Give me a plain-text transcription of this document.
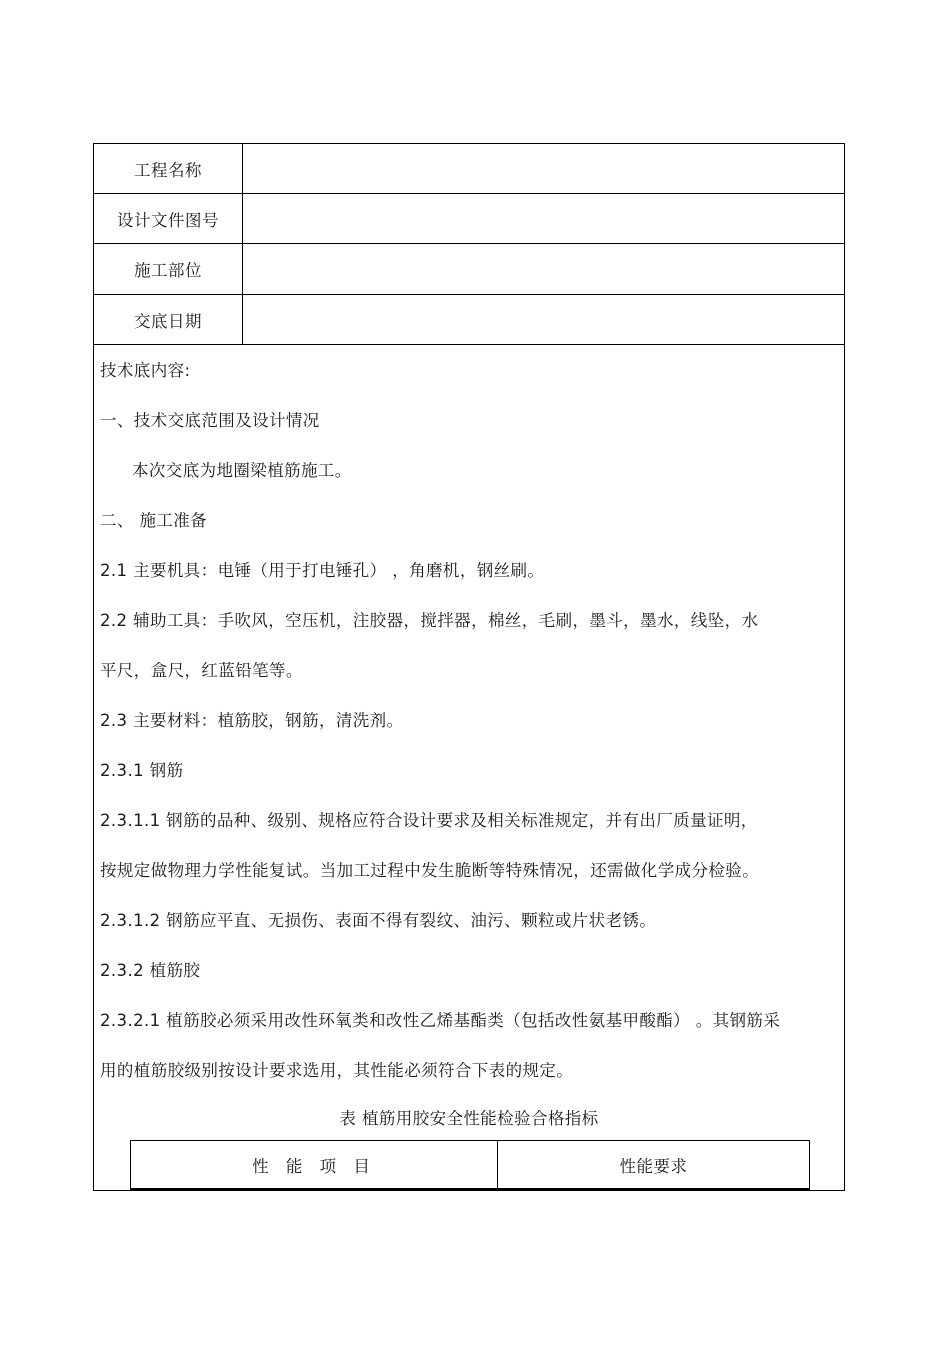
工程名称
设计文件图号
施工部位
交底日期
技术底内容:
一、技术交底范围及设计情况
本次交底为地圈梁植筋施工。
二、 施工准备
2.1 主要机具：电锤（用于打电锤孔） ，角磨机，钢丝刷。
2.2 辅助工具：手吹风，空压机，注胶器，搅拌器，棉丝，毛刷，墨斗，墨水，线坠，水
平尺，盒尺，红蓝铅笔等。
2.3 主要材料：植筋胶，钢筋，清洗剂。
2.3.1 钢筋
2.3.1.1 钢筋的品种、级别、规格应符合设计要求及相关标准规定，并有出厂质量证明，
按规定做物理力学性能复试。当加工过程中发生脆断等特殊情况，还需做化学成分检验。
2.3.1.2 钢筋应平直、无损伤、表面不得有裂纹、油污、颗粒或片状老锈。
2.3.2 植筋胶
2.3.2.1 植筋胶必须采用改性环氧类和改性乙烯基酯类（包括改性氨基甲酸酯） 。其钢筋采
用的植筋胶级别按设计要求选用，其性能必须符合下表的规定。
表 植筋用胶安全性能检验合格指标
性 能 项 目	性能要求
